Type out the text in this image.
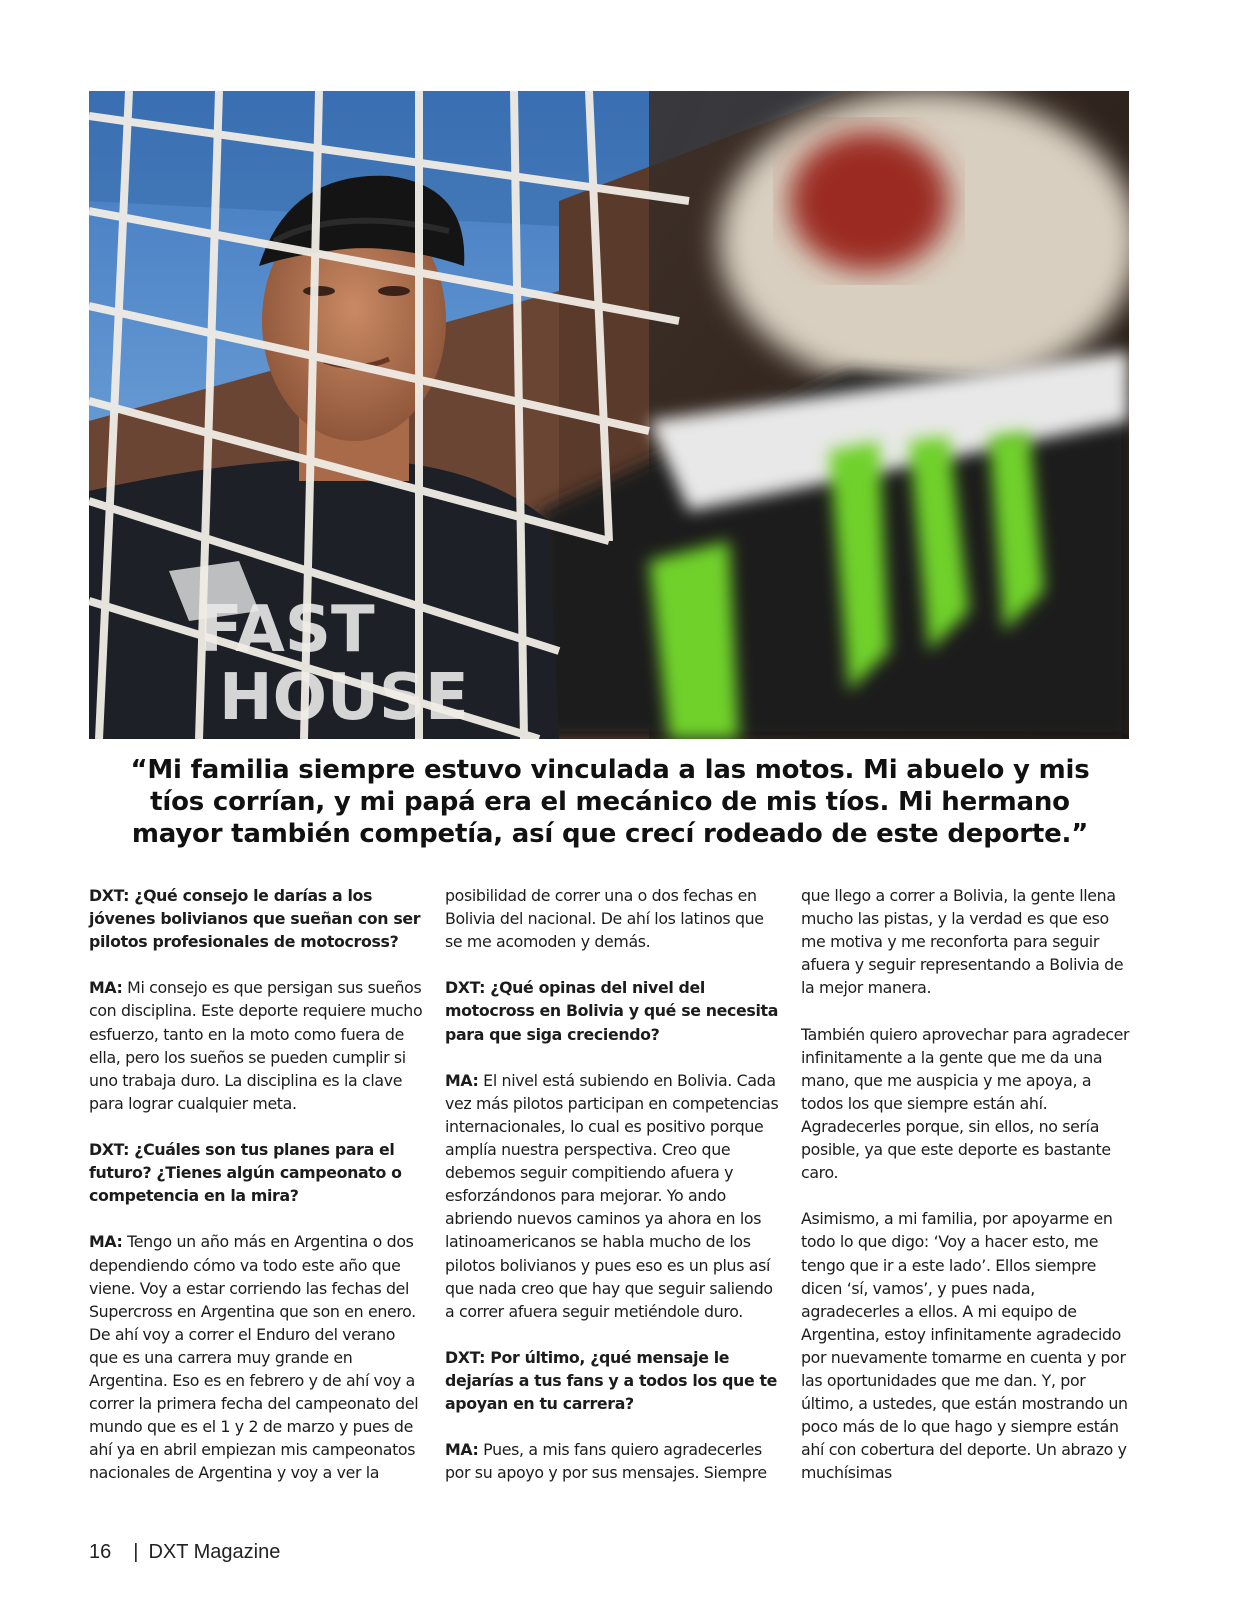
FAST
HOUSE

“Mi familia siempre estuvo vinculada a las motos. Mi abuelo y mis tíos corrían, y mi papá era el mecánico de mis tíos. Mi hermano mayor también competía, así que crecí rodeado de este deporte.”

DXT: ¿Qué consejo le darías a los jóvenes bolivianos que sueñan con ser pilotos profesionales de motocross?

MA: Mi consejo es que persigan sus sueños con disciplina. Este deporte requiere mucho esfuerzo, tanto en la moto como fuera de ella, pero los sueños se pueden cumplir si uno trabaja duro. La disciplina es la clave para lograr cualquier meta.

DXT: ¿Cuáles son tus planes para el futuro? ¿Tienes algún campeonato o competencia en la mira?

MA: Tengo un año más en Argentina o dos dependiendo cómo va todo este año que viene. Voy a estar corriendo las fechas del Supercross en Argentina que son en enero. De ahí voy a correr el Enduro del verano que es una carrera muy grande en Argentina. Eso es en febrero y de ahí voy a correr la primera fecha del campeonato del mundo que es el 1 y 2 de marzo y pues de ahí ya en abril empiezan mis campeonatos nacionales de Argentina y voy a ver la

posibilidad de correr una o dos fechas en Bolivia del nacional. De ahí los latinos que se me acomoden y demás.

DXT: ¿Qué opinas del nivel del motocross en Bolivia y qué se necesita para que siga creciendo?

MA: El nivel está subiendo en Bolivia. Cada vez más pilotos participan en competencias internacionales, lo cual es positivo porque amplía nuestra perspectiva. Creo que debemos seguir compitiendo afuera y esforzándonos para mejorar. Yo ando abriendo nuevos caminos ya ahora en los latinoamericanos se habla mucho de los pilotos bolivianos y pues eso es un plus así que nada creo que hay que seguir saliendo a correr afuera seguir metiéndole duro.

DXT: Por último, ¿qué mensaje le dejarías a tus fans y a todos los que te apoyan en tu carrera?

MA: Pues, a mis fans quiero agradecerles por su apoyo y por sus mensajes. Siempre

que llego a correr a Bolivia, la gente llena mucho las pistas, y la verdad es que eso me motiva y me reconforta para seguir afuera y seguir representando a Bolivia de la mejor manera.

También quiero aprovechar para agradecer infinitamente a la gente que me da una mano, que me auspicia y me apoya, a todos los que siempre están ahí. Agradecerles porque, sin ellos, no sería posible, ya que este deporte es bastante caro.

Asimismo, a mi familia, por apoyarme en todo lo que digo: ‘Voy a hacer esto, me tengo que ir a este lado’. Ellos siempre dicen ‘sí, vamos’, y pues nada, agradecerles a ellos. A mi equipo de Argentina, estoy infinitamente agradecido por nuevamente tomarme en cuenta y por las oportunidades que me dan. Y, por último, a ustedes, que están mostrando un poco más de lo que hago y siempre están ahí con cobertura del deporte. Un abrazo y muchísimas

16 | DXT Magazine
